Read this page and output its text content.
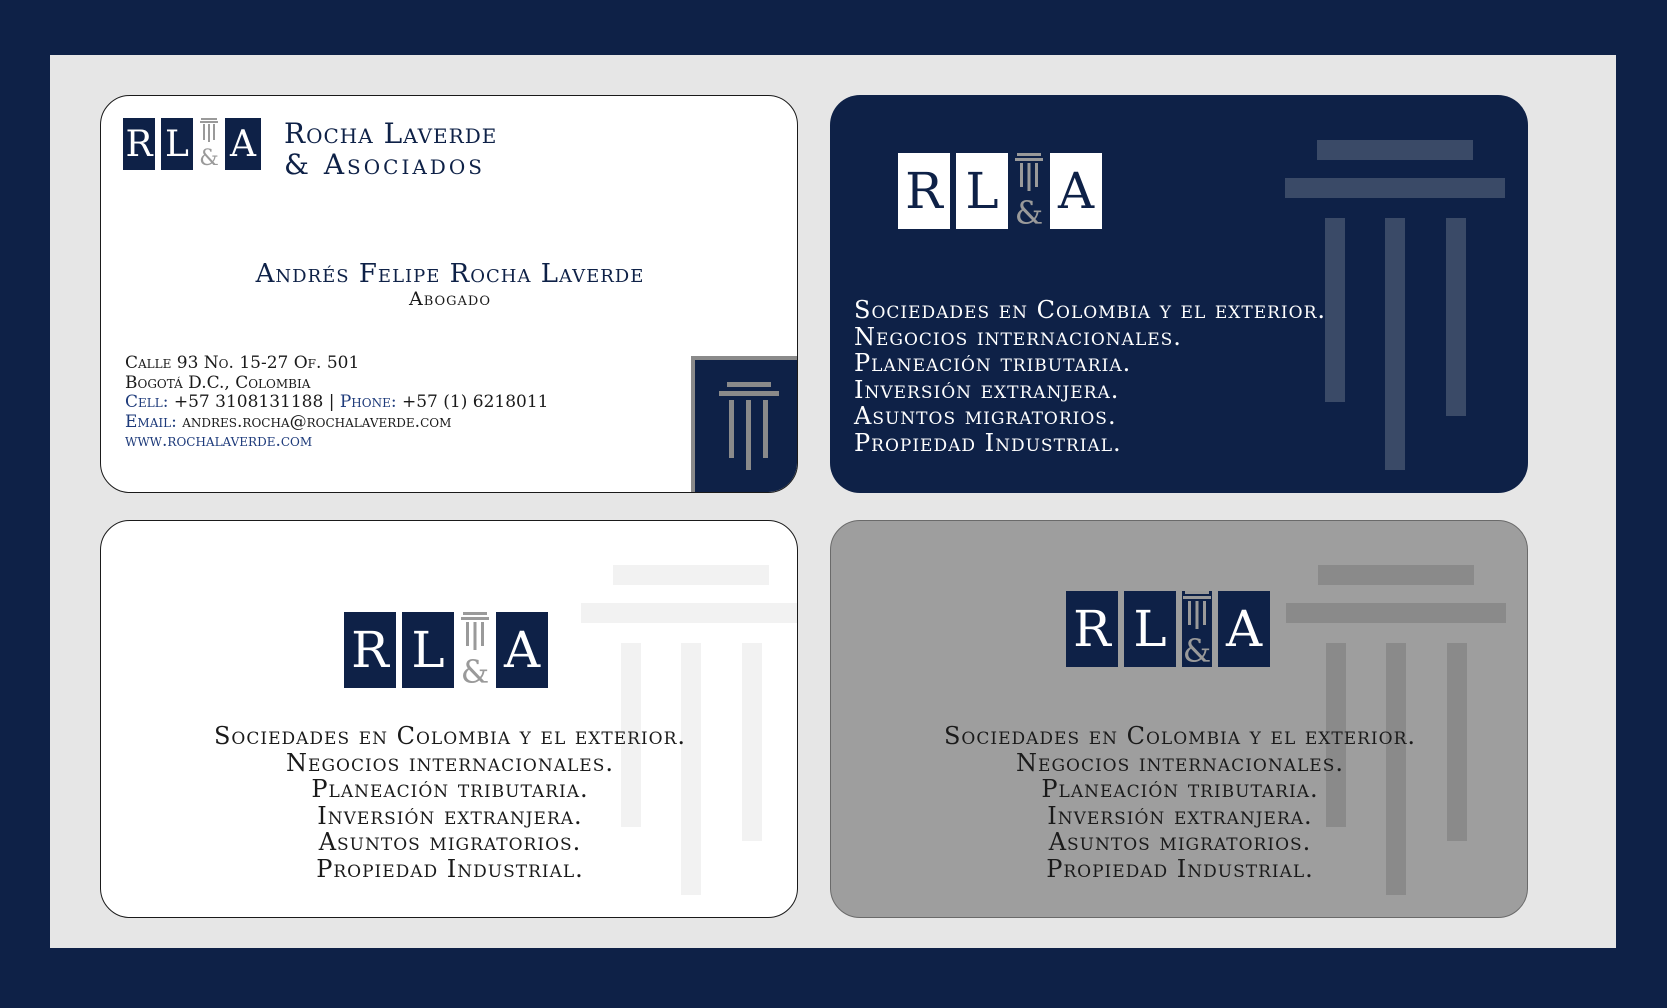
R L & A Rocha Laverde
& Asociados
Andrés Felipe Rocha Laverde
Abogado
Calle 93 No. 15-27 Of. 501
Bogotá D.C., Colombia
Cell: +57 3108131188 | Phone: +57 (1) 6218011
Email: andres.rocha@rochalaverde.com
www.rochalaverde.com
R L & A
Sociedades en Colombia y el exterior.
Negocios internacionales.
Planeación tributaria.
Inversión extranjera.
Asuntos migratorios.
Propiedad Industrial.
R L & A
Sociedades en Colombia y el exterior.
Negocios internacionales.
Planeación tributaria.
Inversión extranjera.
Asuntos migratorios.
Propiedad Industrial.
R L & A
Sociedades en Colombia y el exterior.
Negocios internacionales.
Planeación tributaria.
Inversión extranjera.
Asuntos migratorios.
Propiedad Industrial.
